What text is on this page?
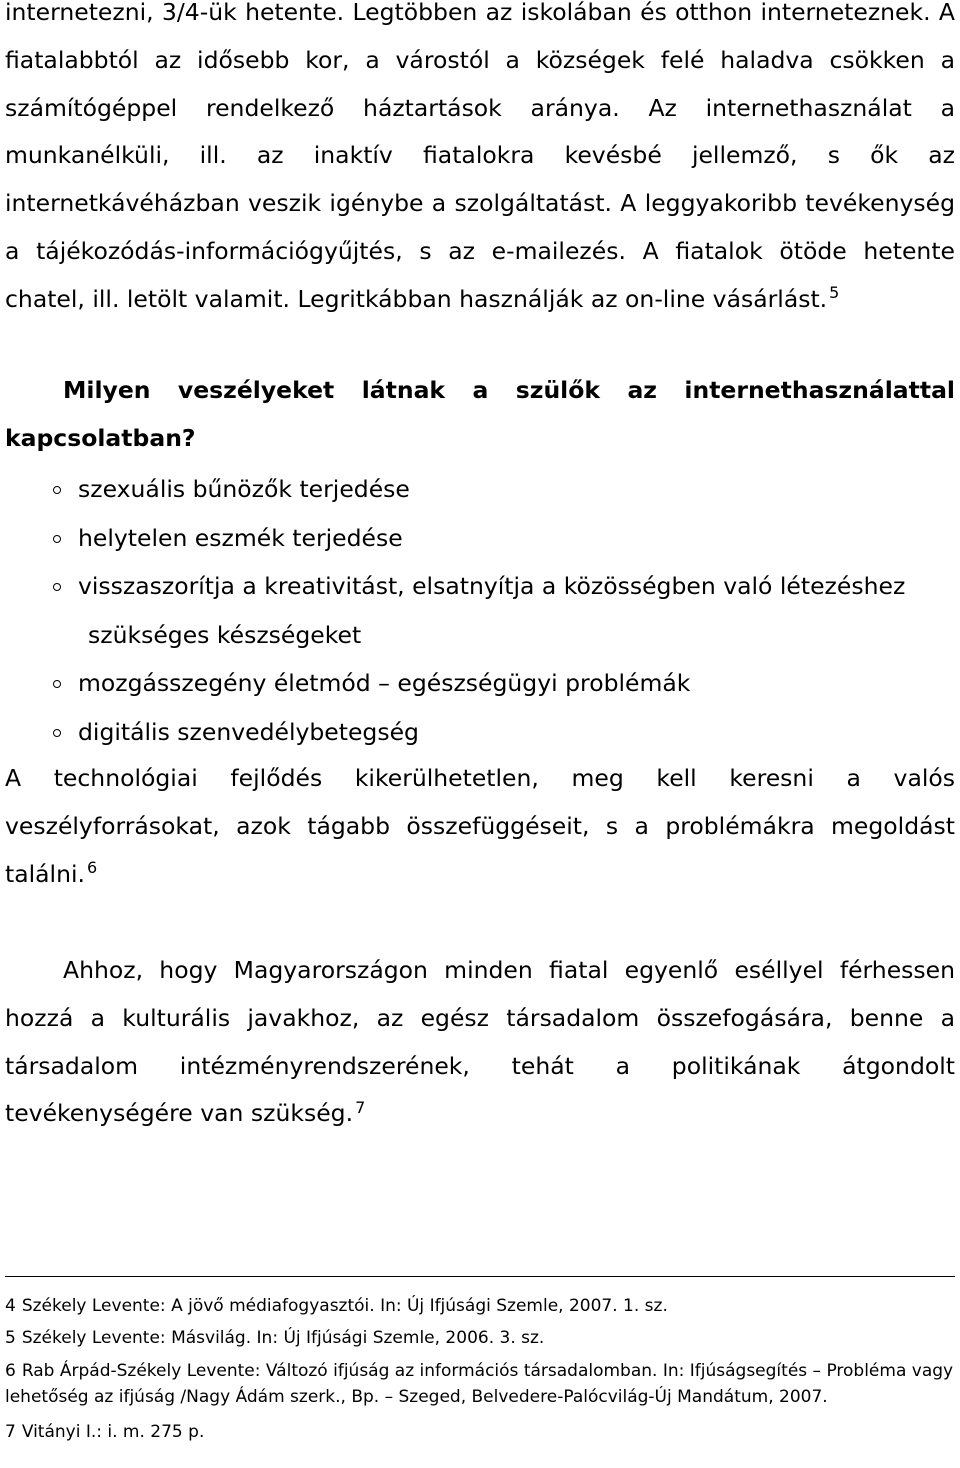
internetezni, 3/4-ük hetente. Legtöbben az iskolában és otthon interneteznek. A fiatalabbtól az idősebb kor, a várostól a községek felé haladva csökken a számítógéppel rendelkező háztartások aránya. Az internethasználat a munkanélküli, ill. az inaktív fiatalokra kevésbé jellemző, s ők az internetkávéházban veszik igénybe a szolgáltatást. A leggyakoribb tevékenység a tájékozódás-információgyűjtés, s az e-mailezés. A fiatalok ötöde hetente chatel, ill. letölt valamit. Legritkábban használják az on-line vásárlást. $^5$

Milyen veszélyeket látnak a szülők az internethasználattal kapcsolatban?

szexuális bűnözők terjedése
helytelen eszmék terjedése
visszaszorítja a kreativitást, elsatnyítja a közösségben való létezéshez
szükséges készségeket
mozgásszegény életmód – egészségügyi problémák
digitális szenvedélybetegség

A technológiai fejlődés kikerülhetetlen, meg kell keresni a valós veszélyforrásokat, azok tágabb összefüggéseit, s a problémákra megoldást találni. $^6$

Ahhoz, hogy Magyarországon minden fiatal egyenlő eséllyel férhessen hozzá a kulturális javakhoz, az egész társadalom összefogására, benne a társadalom intézményrendszerének, tehát a politikának átgondolt tevékenységére van szükség. $^7$

4 Székely Levente: A jövő médiafogyasztói. In: Új Ifjúsági Szemle, 2007. 1. sz.

5 Székely Levente: Másvilág. In: Új Ifjúsági Szemle, 2006. 3. sz.

6 Rab Árpád-Székely Levente: Változó ifjúság az információs társadalomban. In: Ifjúságsegítés – Probléma vagy lehetőség az ifjúság /Nagy Ádám szerk., Bp. – Szeged, Belvedere-Palócvilág-Új Mandátum, 2007.

7 Vitányi I.: i. m. 275 p.
